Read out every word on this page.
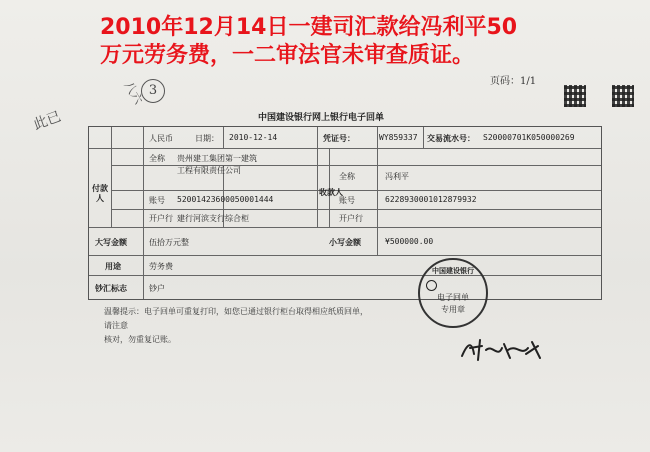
2010年12月14日一建司汇款给冯利平50
万元劳务费，一二审法官未审查质证。
3
八六
此已
页码：1/1
中国建设银行网上银行电子回单
人民币	日期： 2010-12-14	凭证号：	WY859337 交易流水号： S20000701K050000269
付款人
全称 贵州建工集团第一建筑
工程有限责任公司
账号 52001423600050001444
开户行 建行河滨支行综合柜
收款人
全称	冯利平
账号	6228930001012879932
开户行
大写金额	伍拾万元整	小写金额	¥500000.00
用途	劳务费
钞汇标志	钞户
温馨提示：电子回单可重复打印，如您已通过银行柜台取得相应纸质回单，请注意
核对，勿重复记账。
中国建设银行
电子回单
专用章
